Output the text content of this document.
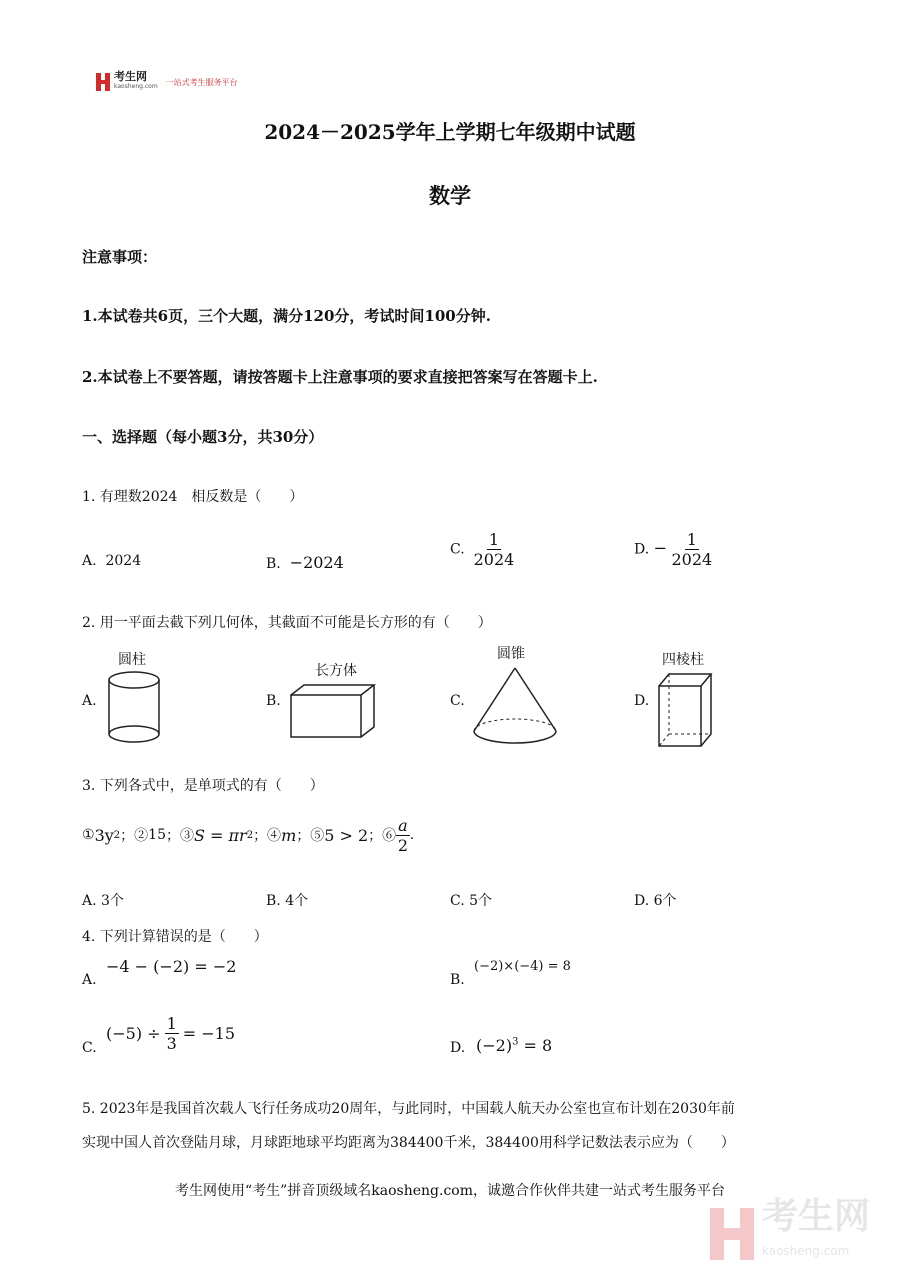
考生网
kaosheng.com 一站式考生服务平台
2024－2025学年上学期七年级期中试题
数学
注意事项：
1.本试卷共6页，三个大题，满分120分，考试时间100分钟.
2.本试卷上不要答题，请按答题卡上注意事项的要求直接把答案写在答题卡上.
一、选择题（每小题3分，共30分）
1. 有理数2024　相反数是（　　）
A. 2024	B. −2024
C. $\frac{1}{2024}$	D. − $\frac{1}{2024}$
2. 用一平面去截下列几何体，其截面不可能是长方形的有（　　）
A.
圆柱
B.
长方体
C.
圆锥
D.
四棱柱
3. 下列各式中，是单项式的有（　　）
① 3y 2 ；② 15 ；③ S = πr 2 ；④ m ；⑤ 5 > 2 ；⑥ $\frac{a}{2}$ .
A. 3个	B. 4个	C. 5个	D. 6个
4. 下列计算错误的是（　　）
A.
−4 − (−2) = −2
B.
(−2)×(−4) = 8
C.
$(-5) \div \frac{1}{3} = -15$
D. $(-2)^3 = 8$
5. 2023年是我国首次载人飞行任务成功20周年，与此同时，中国载人航天办公室也宣布计划在2030年前
实现中国人首次登陆月球，月球距地球平均距离为384400千米，384400用科学记数法表示应为（　　）
考生网使用“考生”拼音顶级域名kaosheng.com，诚邀合作伙伴共建一站式考生服务平台
考生网
kaosheng.com
